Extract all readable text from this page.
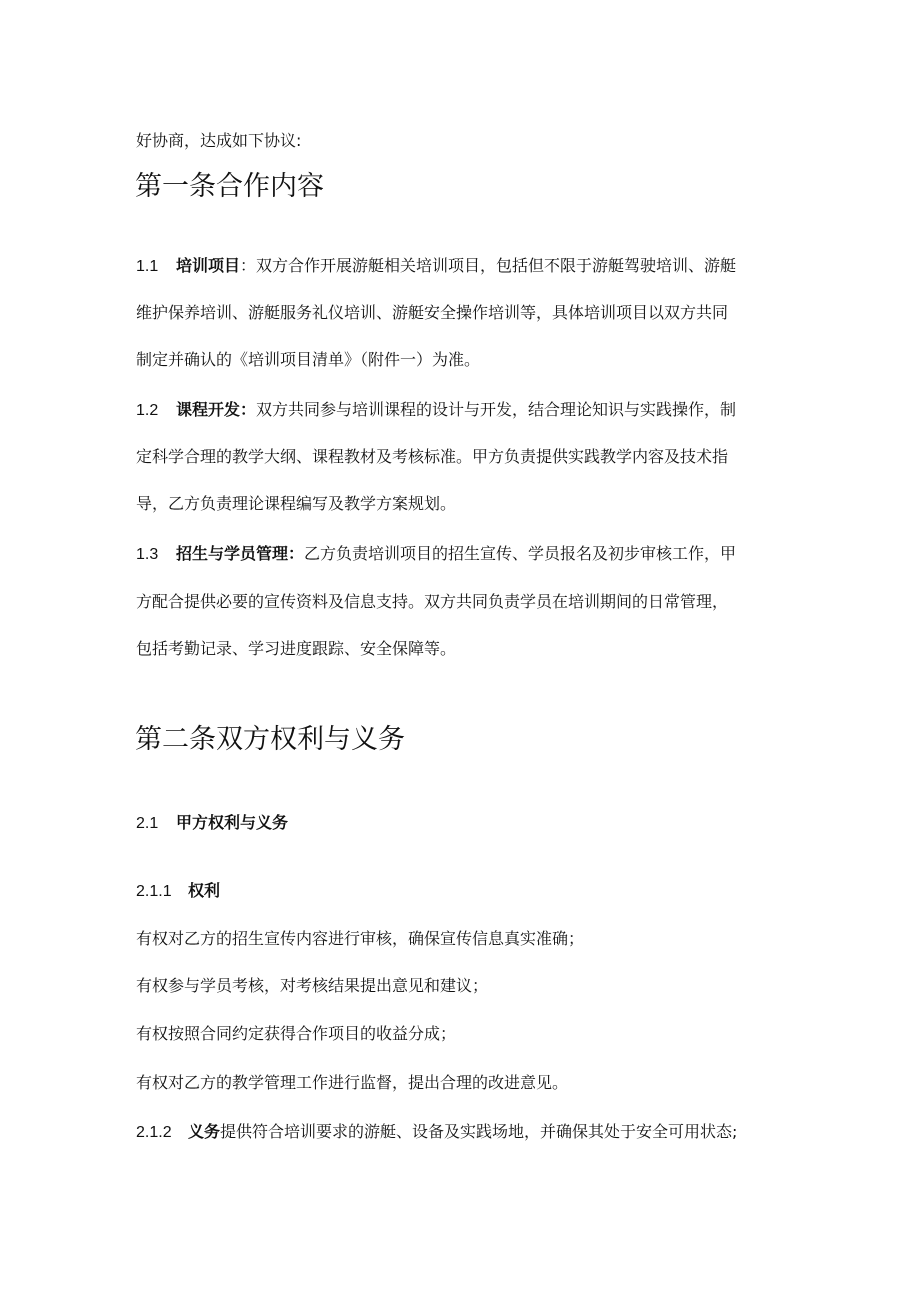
好协商，达成如下协议:
第一条合作内容
1.1 培训项目：双方合作开展游艇相关培训项目，包括但不限于游艇驾驶培训、游艇
维护保养培训、游艇服务礼仪培训、游艇安全操作培训等，具体培训项目以双方共同
制定并确认的《培训项目清单》（附件一）为准。
1.2 课程开发：双方共同参与培训课程的设计与开发，结合理论知识与实践操作，制
定科学合理的教学大纲、课程教材及考核标准。甲方负责提供实践教学内容及技术指
导，乙方负责理论课程编写及教学方案规划。
1.3 招生与学员管理：乙方负责培训项目的招生宣传、学员报名及初步审核工作，甲
方配合提供必要的宣传资料及信息支持。双方共同负责学员在培训期间的日常管理，
包括考勤记录、学习进度跟踪、安全保障等。
第二条双方权利与义务
2.1 甲方权利与义务
2.1.1 权利
有权对乙方的招生宣传内容进行审核，确保宣传信息真实准确；
有权参与学员考核，对考核结果提出意见和建议；
有权按照合同约定获得合作项目的收益分成；
有权对乙方的教学管理工作进行监督，提出合理的改进意见。
2.1.2 义务提供符合培训要求的游艇、设备及实践场地，并确保其处于安全可用状态;
